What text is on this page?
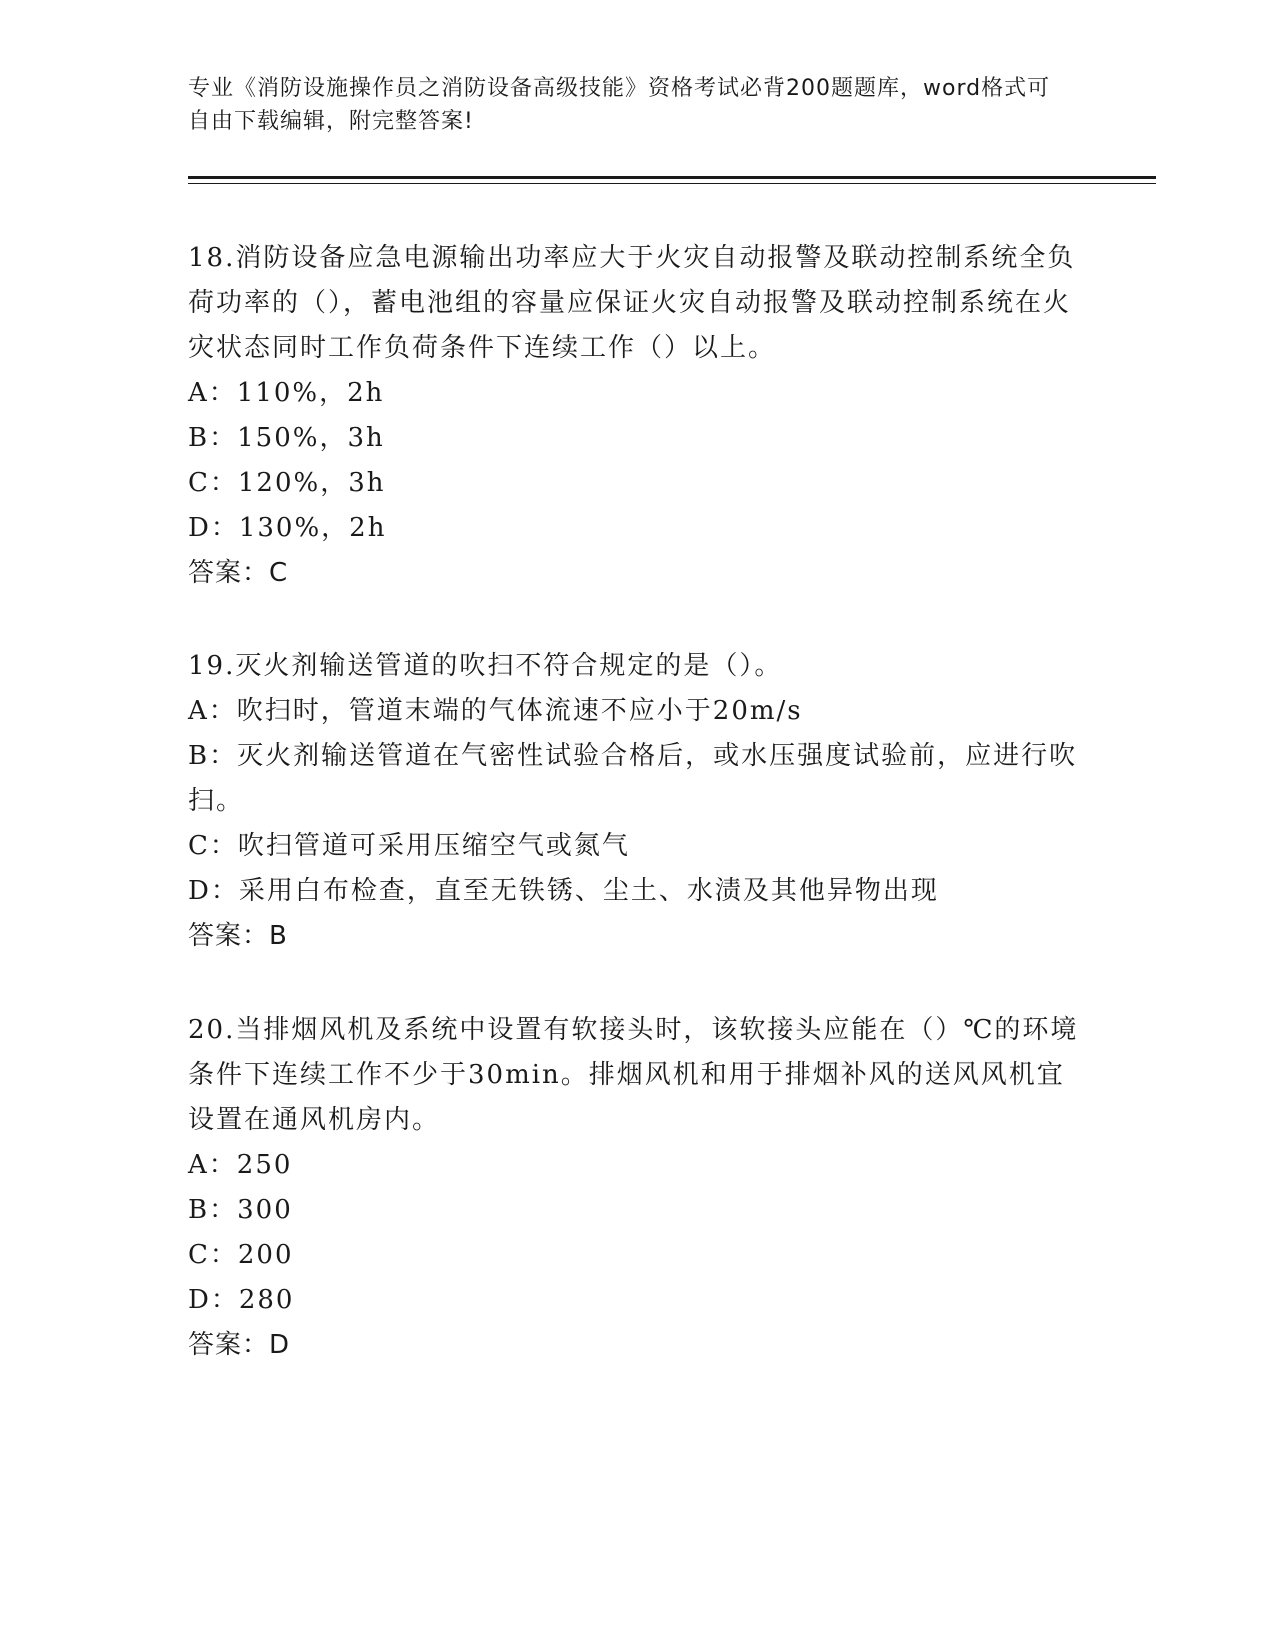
专业《消防设施操作员之消防设备高级技能》资格考试必背200题题库，word格式可自由下载编辑，附完整答案!
18.消防设备应急电源输出功率应大于火灾自动报警及联动控制系统全负荷功率的（），蓄电池组的容量应保证火灾自动报警及联动控制系统在火灾状态同时工作负荷条件下连续工作（）以上。
A：110%，2h
B：150%，3h
C：120%，3h
D：130%，2h
答案：C
19.灭火剂输送管道的吹扫不符合规定的是（）。
A：吹扫时，管道末端的气体流速不应小于20m/s
B：灭火剂输送管道在气密性试验合格后，或水压强度试验前，应进行吹扫。
C：吹扫管道可采用压缩空气或氮气
D：采用白布检查，直至无铁锈、尘土、水渍及其他异物出现
答案：B
20.当排烟风机及系统中设置有软接头时，该软接头应能在（）℃的环境条件下连续工作不少于30min。排烟风机和用于排烟补风的送风风机宜设置在通风机房内。
A：250
B：300
C：200
D：280
答案：D
